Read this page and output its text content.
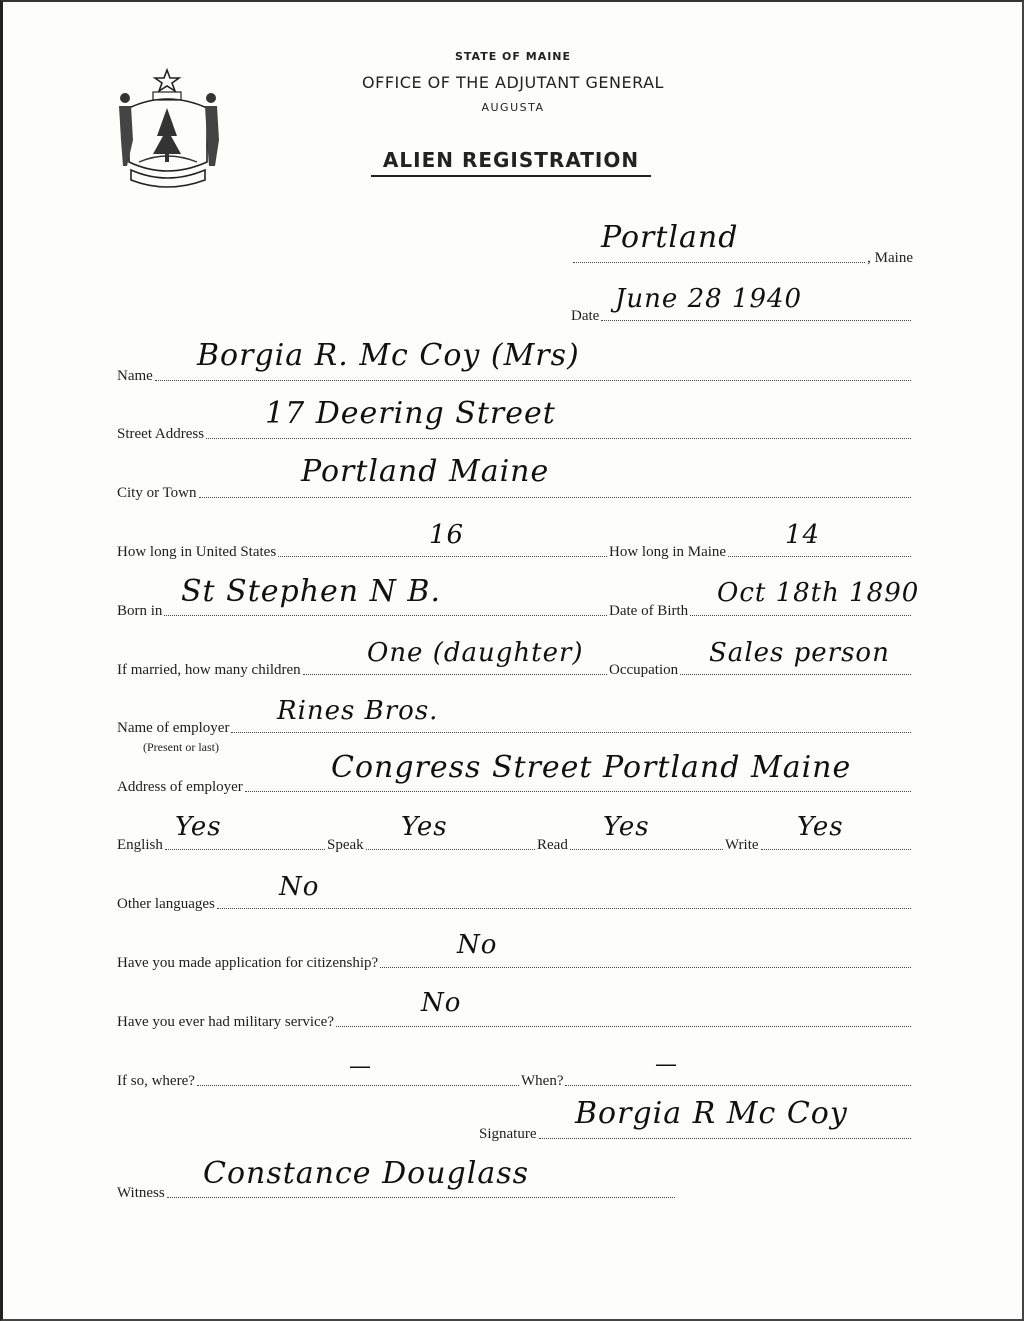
STATE OF MAINE
OFFICE OF THE ADJUTANT GENERAL
AUGUSTA
ALIEN REGISTRATION
, Maine
Portland
Date
June 28 1940
Name
Borgia R. Mc Coy (Mrs)
Street Address
17 Deering Street
City or Town
Portland Maine
How long in United States	How long in Maine
16	14
Born in	Date of Birth
St Stephen N B.	Oct 18th 1890
If married, how many children	Occupation
One (daughter)	Sales person
Name of employer
(Present or last)
Rines Bros.
Address of employer
Congress Street Portland Maine
English	Speak	Read	Write
Yes	Yes	Yes	Yes
Other languages
No
Have you made application for citizenship?
No
Have you ever had military service?
No
If so, where?	When?
—	—
Signature
Borgia R Mc Coy
Witness
Constance Douglass
